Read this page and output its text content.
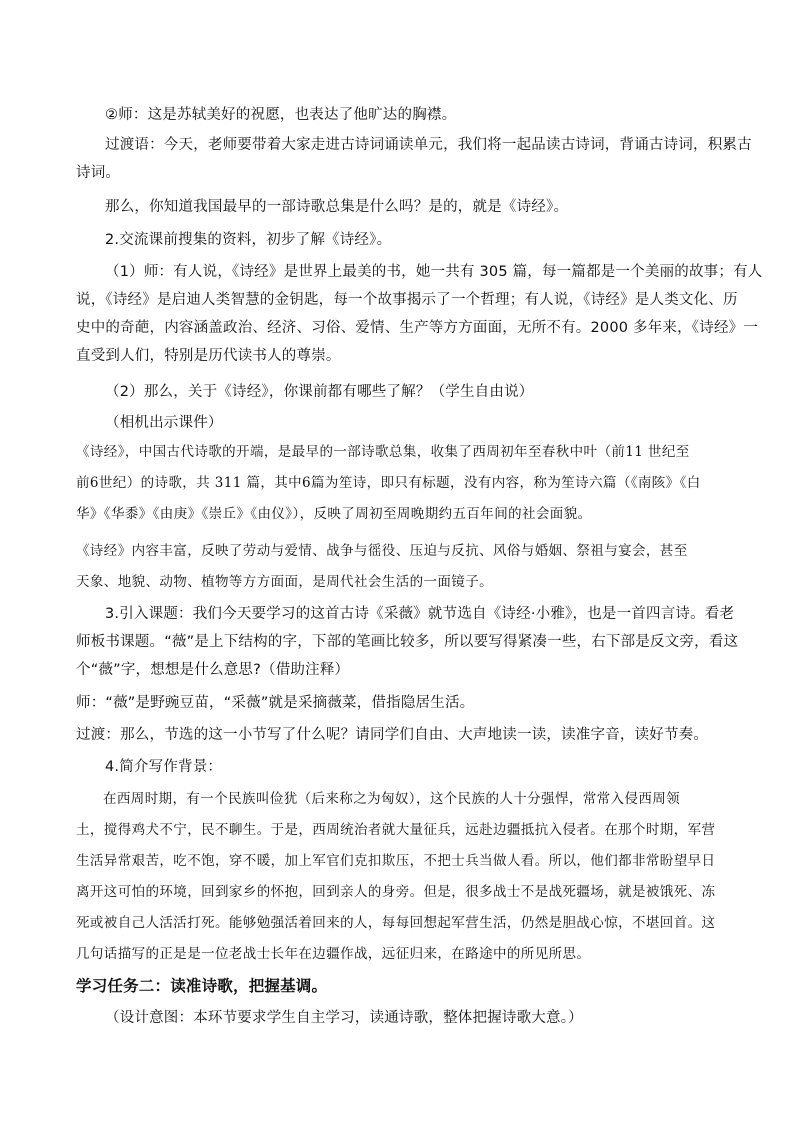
②师：这是苏轼美好的祝愿，也表达了他旷达的胸襟。

过渡语：今天，老师要带着大家走进古诗词诵读单元，我们将一起品读古诗词，背诵古诗词，积累古
诗词。

那么，你知道我国最早的一部诗歌总集是什么吗？是的，就是《诗经》。

2.交流课前搜集的资料，初步了解《诗经》。

（1）师：有人说，《诗经》是世界上最美的书，她一共有 305 篇，每一篇都是一个美丽的故事；有人
说，《诗经》是启迪人类智慧的金钥匙，每一个故事揭示了一个哲理；有人说，《诗经》是人类文化、历
史中的奇葩，内容涵盖政治、经济、习俗、爱情、生产等方方面面，无所不有。2000 多年来，《诗经》一
直受到人们，特别是历代读书人的尊崇。

（2）那么，关于《诗经》，你课前都有哪些了解？（学生自由说）

（相机出示课件）

《诗经》，中国古代诗歌的开端，是最早的一部诗歌总集，收集了西周初年至春秋中叶（前11 世纪至
前6世纪）的诗歌，共 311 篇，其中6篇为笙诗，即只有标题，没有内容，称为笙诗六篇（《南陔》《白
华》《华黍》《由庚》《崇丘》《由仪》），反映了周初至周晚期约五百年间的社会面貌。

《诗经》内容丰富，反映了劳动与爱情、战争与徭役、压迫与反抗、风俗与婚姻、祭祖与宴会，甚至
天象、地貌、动物、植物等方方面面，是周代社会生活的一面镜子。

3.引入课题：我们今天要学习的这首古诗《采薇》就节选自《诗经·小雅》，也是一首四言诗。看老
师板书课题。“薇”是上下结构的字，下部的笔画比较多，所以要写得紧凑一些，右下部是反文旁，看这
个“薇”字，想想是什么意思?（借助注释）

师：“薇”是野豌豆苗，“采薇”就是采摘薇菜，借指隐居生活。

过渡：那么，节选的这一小节写了什么呢？请同学们自由、大声地读一读，读准字音，读好节奏。

4.简介写作背景：

在西周时期，有一个民族叫俭犹（后来称之为匈奴），这个民族的人十分强悍，常常入侵西周领
土，搅得鸡犬不宁，民不聊生。于是，西周统治者就大量征兵，远赴边疆抵抗入侵者。在那个时期，军营
生活异常艰苦，吃不饱，穿不暖，加上军官们克扣欺压，不把士兵当做人看。所以，他们都非常盼望早日
离开这可怕的环境，回到家乡的怀抱，回到亲人的身旁。但是，很多战士不是战死疆场，就是被饿死、冻
死或被自己人活活打死。能够勉强活着回来的人，每每回想起军营生活，仍然是胆战心惊，不堪回首。这
几句话描写的正是是一位老战士长年在边疆作战，远征归来，在路途中的所见所思。

学习任务二：读准诗歌，把握基调。

（设计意图：本环节要求学生自主学习，读通诗歌，整体把握诗歌大意。）
